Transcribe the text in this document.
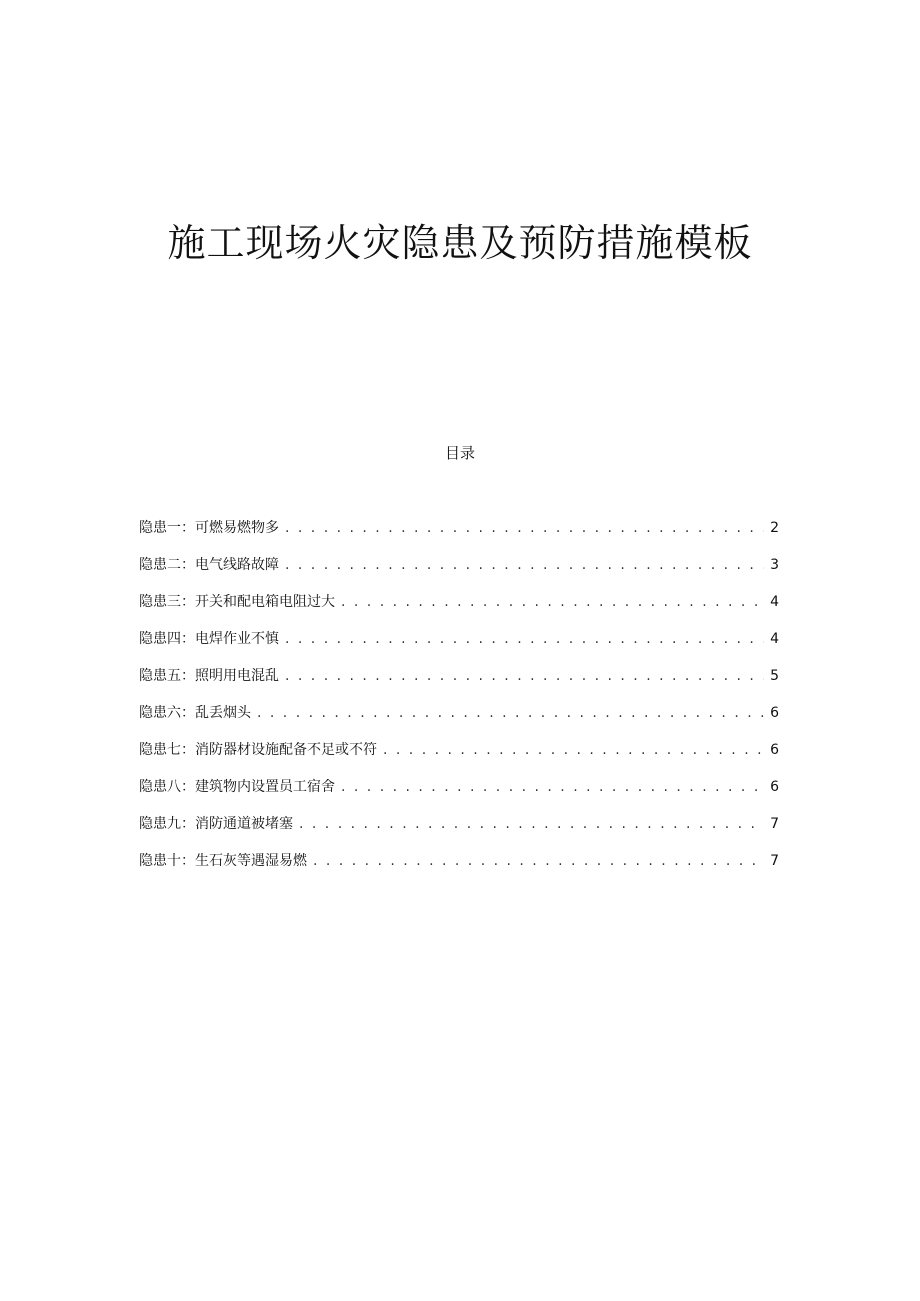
施工现场火灾隐患及预防措施模板
目录
隐患一：可燃易燃物多 . . .	2
隐患二：电气线路故障 . . .	3
隐患三：开关和配电箱电阻过大 . . .	4
隐患四：电焊作业不慎 . . .	4
隐患五：照明用电混乱 . . .	5
隐患六：乱丢烟头 . . .	6
隐患七：消防器材设施配备不足或不符 . . .	6
隐患八：建筑物内设置员工宿舍 . . .	6
隐患九：消防通道被堵塞 . . .	7
隐患十：生石灰等遇湿易燃 . . .	7
